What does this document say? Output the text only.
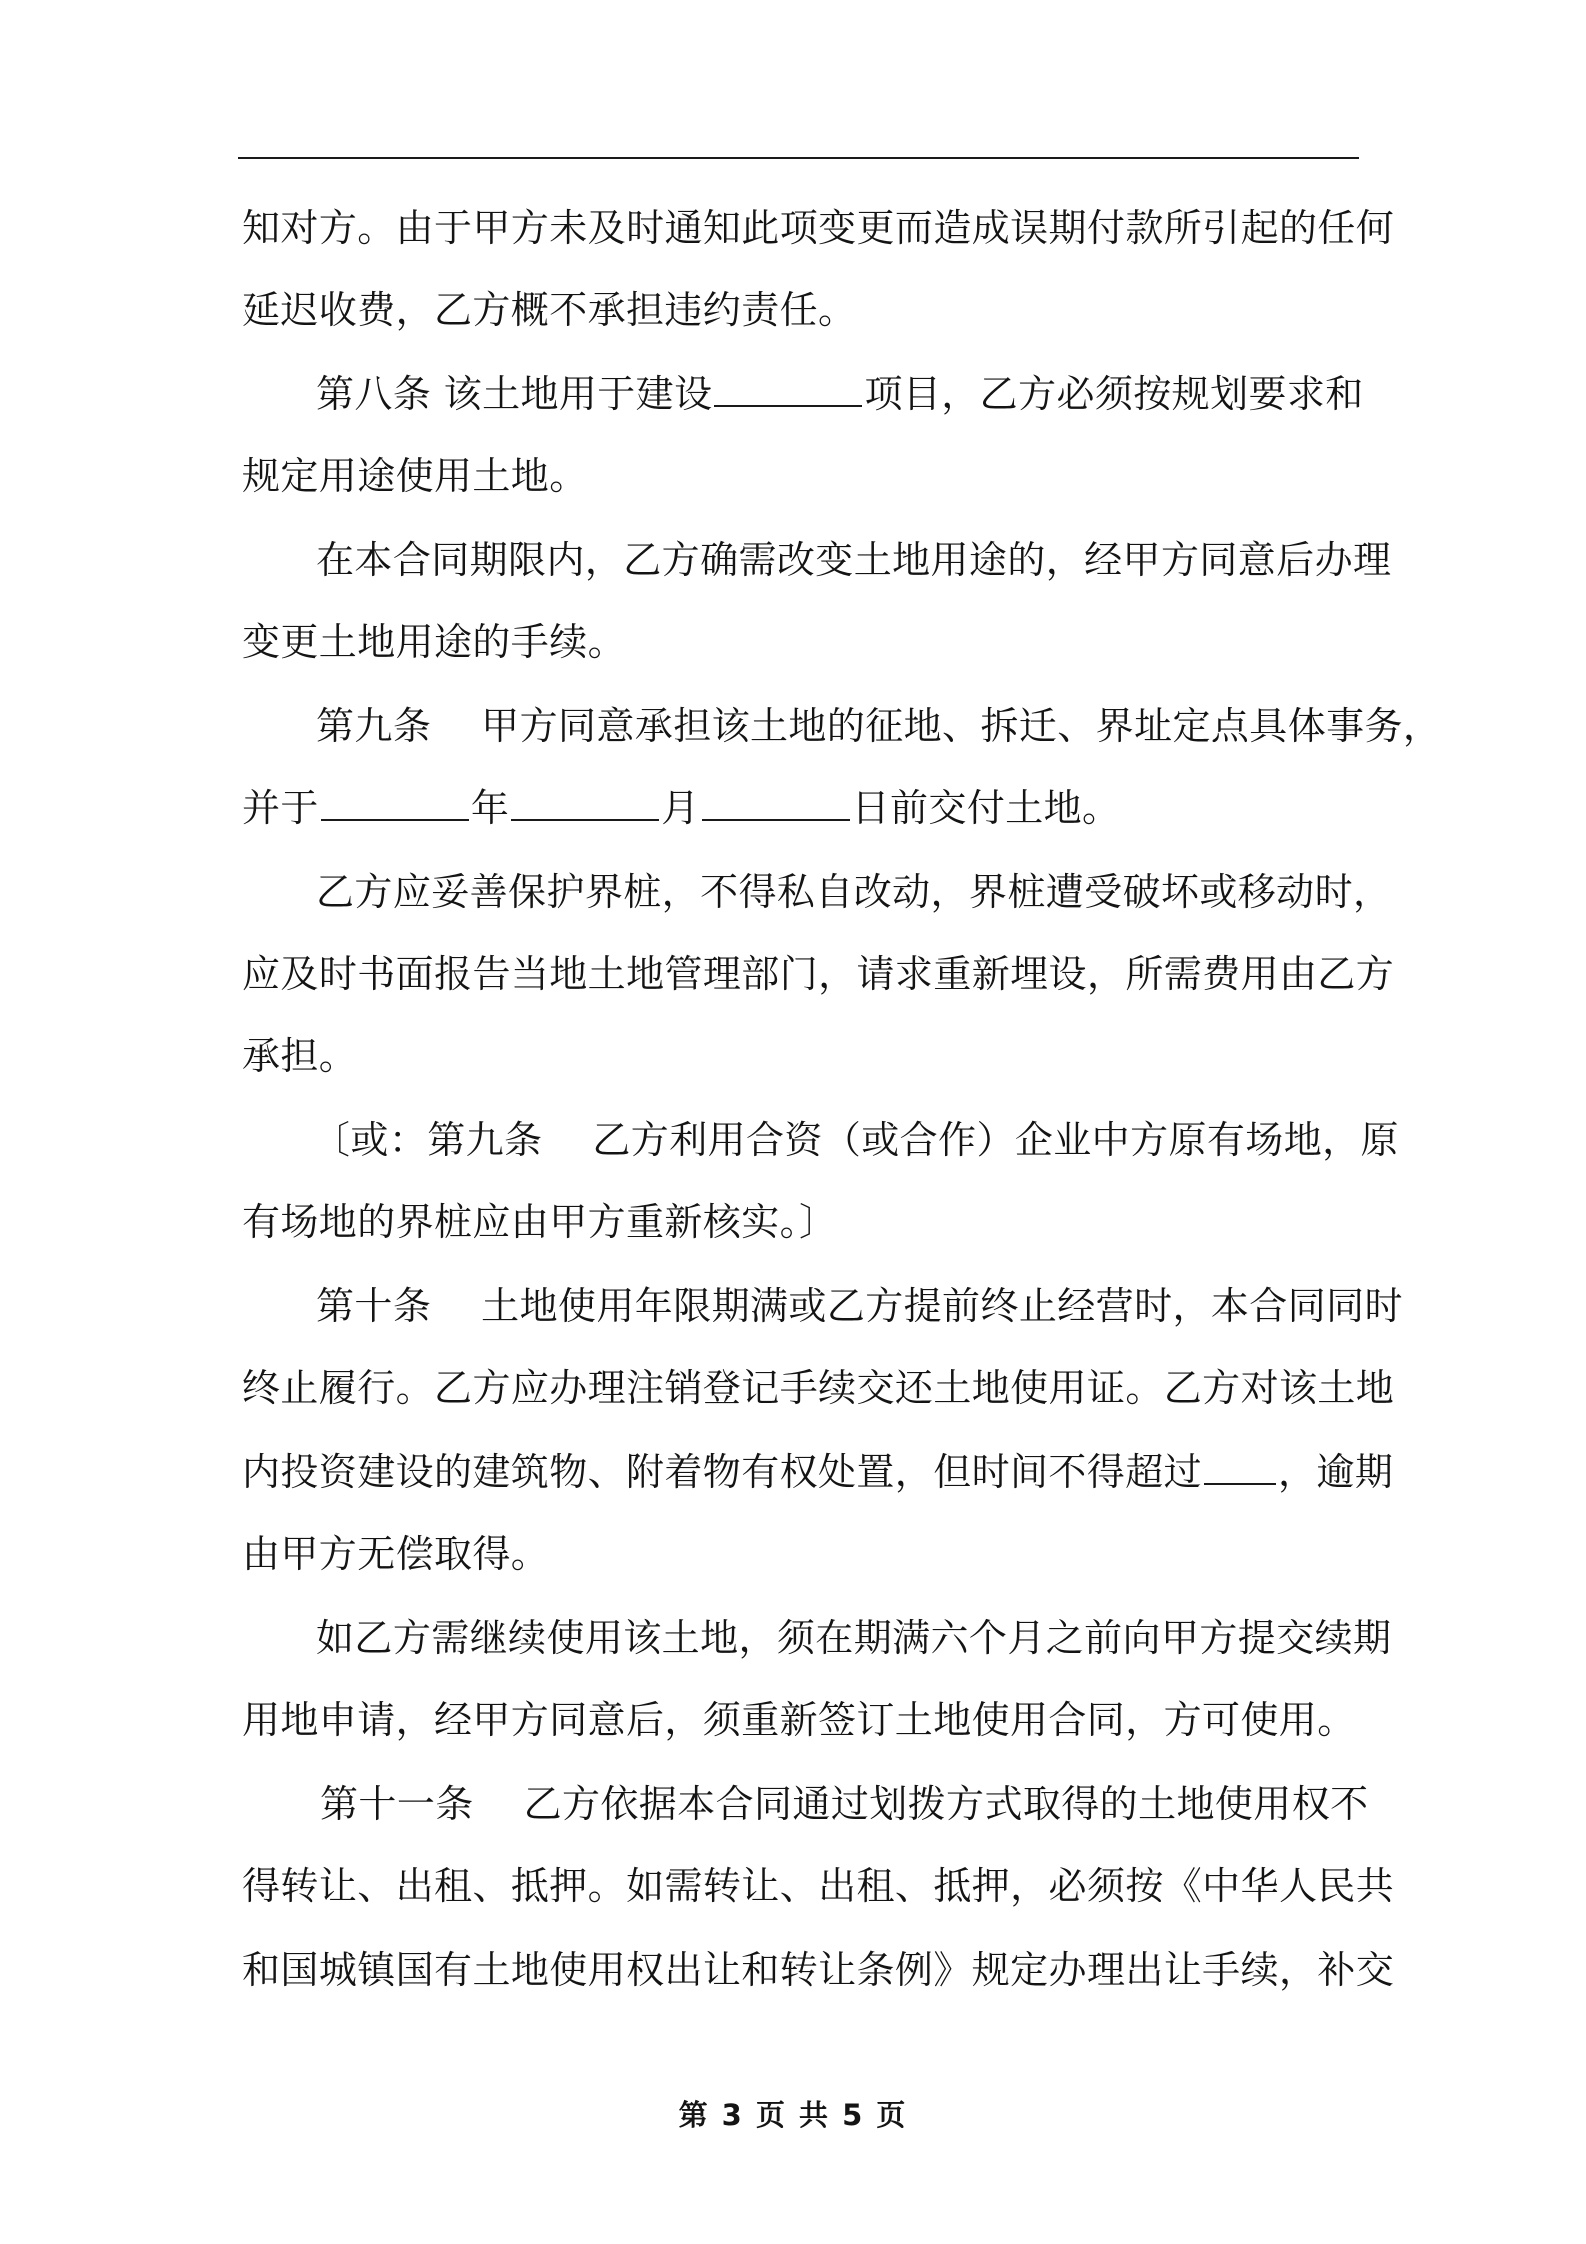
知 对 方 。 由 于 甲 方 未 及 时 通 知 此 项 变 更 而 造 成 误 期 付 款 所 引 起 的 任 何
延迟收费，乙方概不承担违约责任。
第八条 该土地用于建设	项目，乙方必须按规划要求和
规定用途使用土地。
在 本 合 同 期 限 内 ， 乙 方 确 需 改 变 土 地 用 途 的 ， 经 甲 方 同 意 后 办 理
变更土地用途的手续。
第 九 条

甲 方 同 意 承 担 该 土 地 的 征 地 、 拆 迁 、 界 址 定 点 具 体 事 务 ，
并于	年	月	日前交付土地。
乙 方 应 妥 善 保 护 界 桩 ， 不 得 私 自 改 动 ， 界 桩 遭 受 破 坏 或 移 动 时 ，
应 及 时 书 面 报 告 当 地 土 地 管 理 部 门 ， 请 求 重 新 埋 设 ， 所 需 费 用 由 乙 方
承担。
〔 或 ： 第 九 条

乙 方 利 用 合 资 （ 或 合 作 ） 企 业 中 方 原 有 场 地 ， 原
有场地的界桩应由甲方重新核实。〕
第 十 条

土 地 使 用 年 限 期 满 或 乙 方 提 前 终 止 经 营 时 ， 本 合 同 同 时
终 止 履 行 。 乙 方 应 办 理 注 销 登 记 手 续 交 还 土 地 使 用 证 。 乙 方 对 该 土 地
内投资建设的建筑物、附着物有权处置，但时间不得超过 ，逾期
由甲方无偿取得。
如 乙 方 需 继 续 使 用 该 土 地 ， 须 在 期 满 六 个 月 之 前 向 甲 方 提 交 续 期
用地申请，经甲方同意后，须重新签订土地使用合同，方可使用。
第 十 一 条

乙 方 依 据 本 合 同 通 过 划 拨 方 式 取 得 的 土 地 使 用 权 不
得 转 让 、 出 租 、 抵 押 。 如 需 转 让 、 出 租 、 抵 押 ， 必 须 按 《 中 华 人 民 共
和 国 城 镇 国 有 土 地 使 用 权 出 让 和 转 让 条 例 》 规 定 办 理 出 让 手 续 ， 补 交
第 3 页 共 5 页
